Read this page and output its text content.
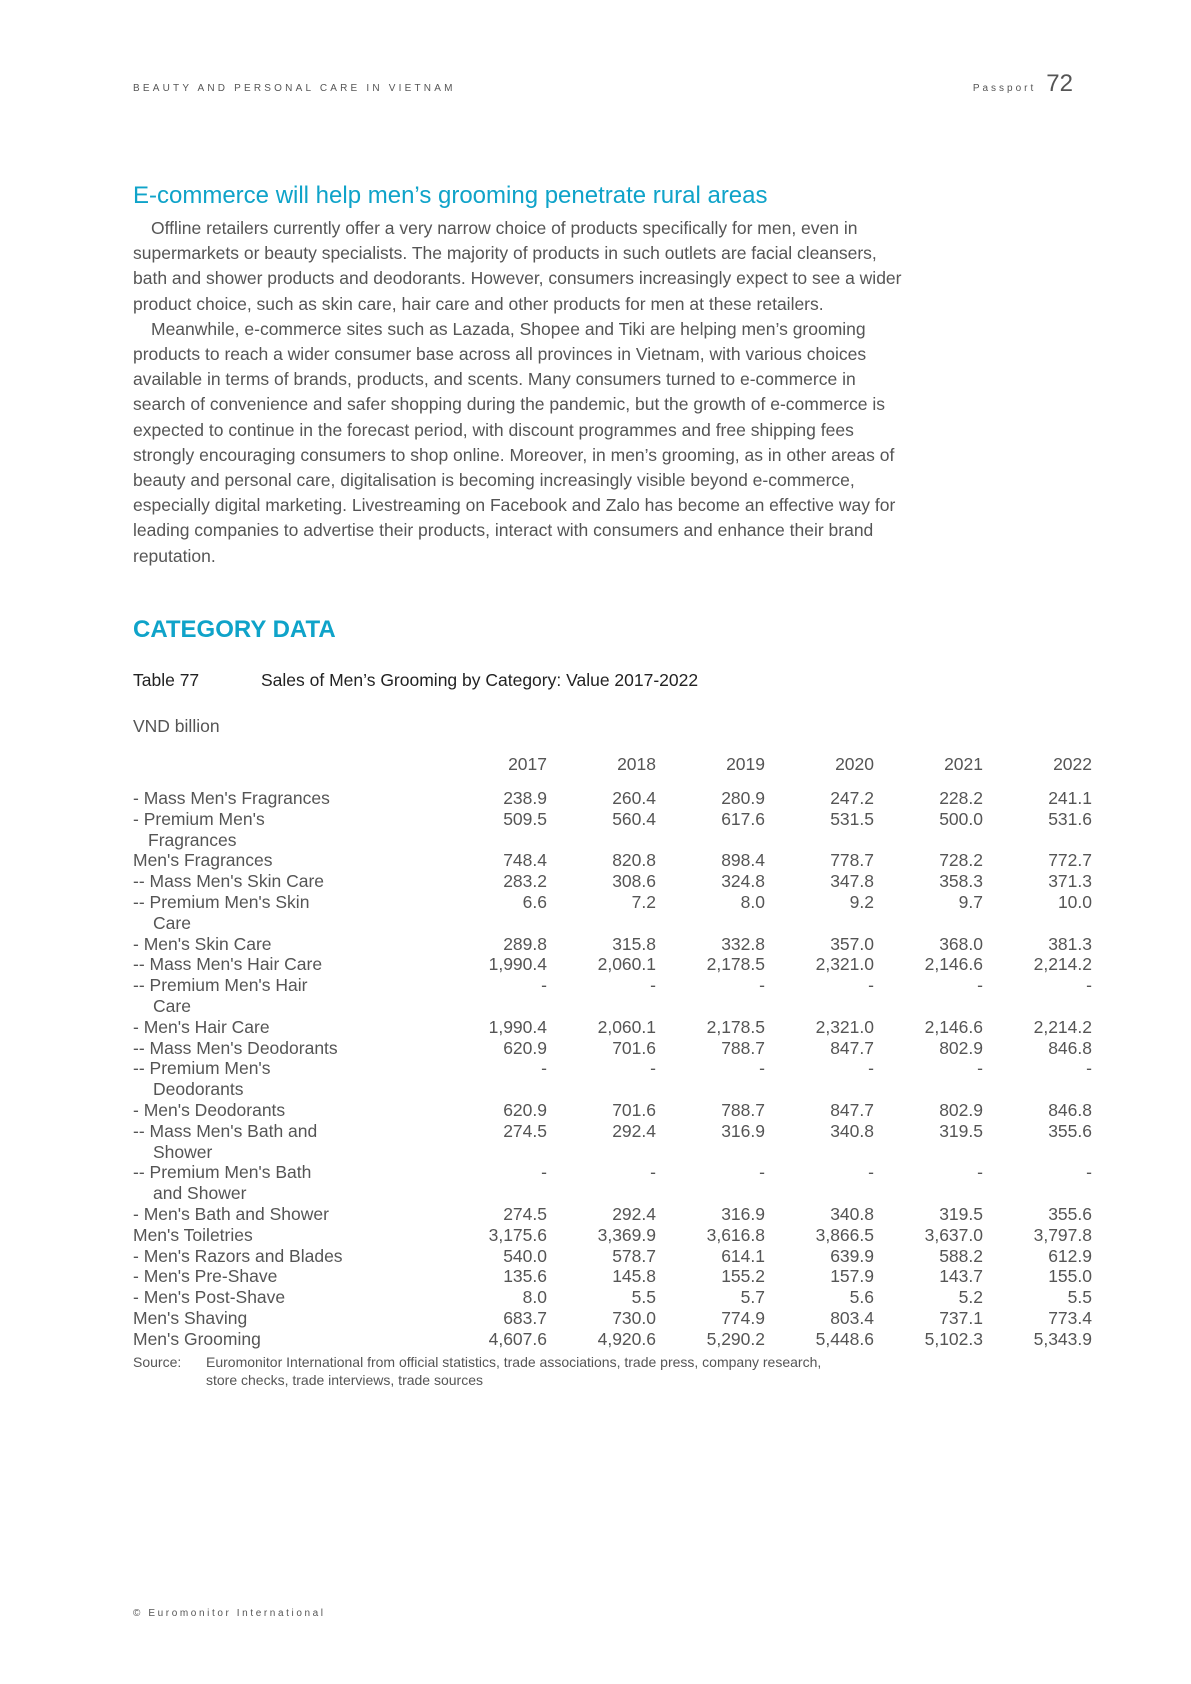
BEAUTY AND PERSONAL CARE IN VIETNAM	Passport 72
E-commerce will help men’s grooming penetrate rural areas

Offline retailers currently offer a very narrow choice of products specifically for men, even in supermarkets or beauty specialists. The majority of products in such outlets are facial cleansers, bath and shower products and deodorants. However, consumers increasingly expect to see a wider product choice, such as skin care, hair care and other products for men at these retailers.

Meanwhile, e-commerce sites such as Lazada, Shopee and Tiki are helping men’s grooming products to reach a wider consumer base across all provinces in Vietnam, with various choices available in terms of brands, products, and scents. Many consumers turned to e-commerce in search of convenience and safer shopping during the pandemic, but the growth of e-commerce is expected to continue in the forecast period, with discount programmes and free shipping fees strongly encouraging consumers to shop online. Moreover, in men’s grooming, as in other areas of beauty and personal care, digitalisation is becoming increasingly visible beyond e-commerce, especially digital marketing. Livestreaming on Facebook and Zalo has become an effective way for leading companies to advertise their products, interact with consumers and enhance their brand reputation.

CATEGORY DATA
Table 77	Sales of Men’s Grooming by Category: Value 2017-2022
VND billion
	2017	2018	2019	2020	2021	2022

- Mass Men's Fragrances	238.9	260.4	280.9	247.2	228.2	241.1
- Premium Men's
Fragrances	509.5	560.4	617.6	531.5	500.0	531.6
Men's Fragrances	748.4	820.8	898.4	778.7	728.2	772.7
-- Mass Men's Skin Care	283.2	308.6	324.8	347.8	358.3	371.3
-- Premium Men's Skin
Care	6.6	7.2	8.0	9.2	9.7	10.0
- Men's Skin Care	289.8	315.8	332.8	357.0	368.0	381.3
-- Mass Men's Hair Care	1,990.4	2,060.1	2,178.5	2,321.0	2,146.6	2,214.2
-- Premium Men's Hair
Care	-	-	-	-	-	-
- Men's Hair Care	1,990.4	2,060.1	2,178.5	2,321.0	2,146.6	2,214.2
-- Mass Men's Deodorants	620.9	701.6	788.7	847.7	802.9	846.8
-- Premium Men's
Deodorants	-	-	-	-	-	-
- Men's Deodorants	620.9	701.6	788.7	847.7	802.9	846.8
-- Mass Men's Bath and
Shower	274.5	292.4	316.9	340.8	319.5	355.6
-- Premium Men's Bath
and Shower	-	-	-	-	-	-
- Men's Bath and Shower	274.5	292.4	316.9	340.8	319.5	355.6
Men's Toiletries	3,175.6	3,369.9	3,616.8	3,866.5	3,637.0	3,797.8
- Men's Razors and Blades	540.0	578.7	614.1	639.9	588.2	612.9
- Men's Pre-Shave	135.6	145.8	155.2	157.9	143.7	155.0
- Men's Post-Shave	8.0	5.5	5.7	5.6	5.2	5.5
Men's Shaving	683.7	730.0	774.9	803.4	737.1	773.4
Men's Grooming	4,607.6	4,920.6	5,290.2	5,448.6	5,102.3	5,343.9
Source:	Euromonitor International from official statistics, trade associations, trade press, company research, store checks, trade interviews, trade sources
© Euromonitor International
